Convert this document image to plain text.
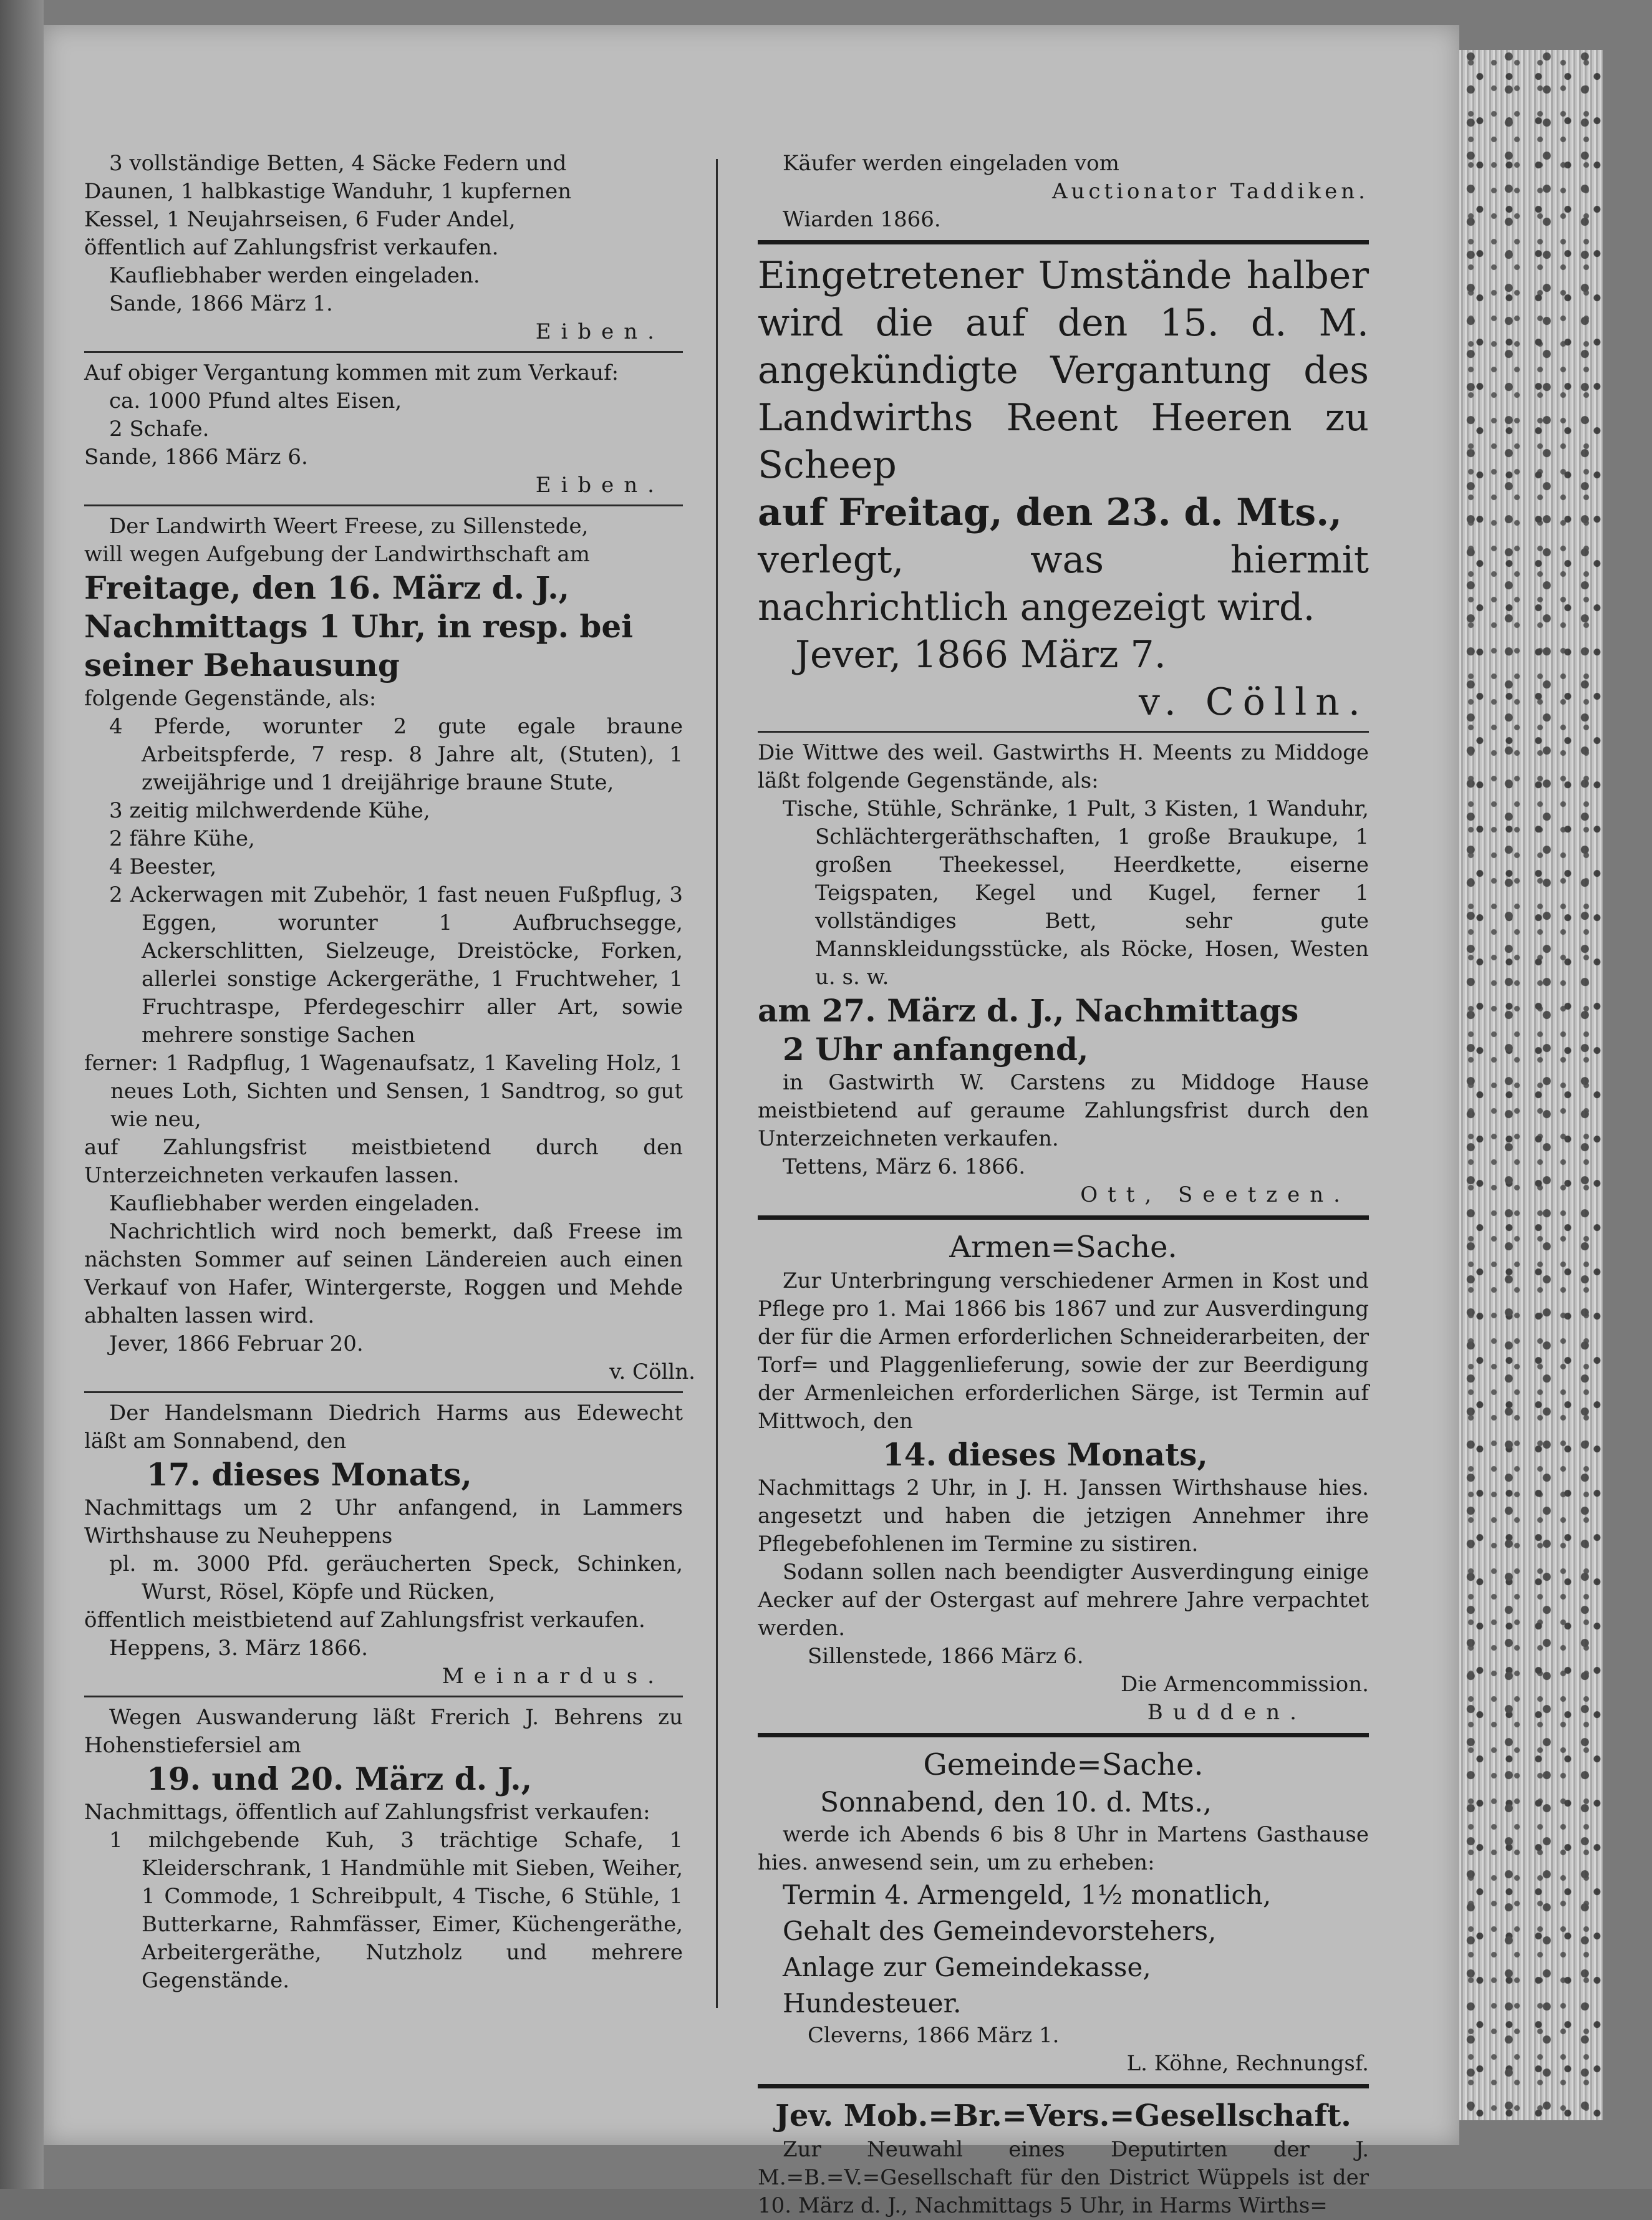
3 vollständige Betten, 4 Säcke Federn und

Daunen, 1 halbkastige Wanduhr, 1 kupfernen

Kessel, 1 Neujahrseisen, 6 Fuder Andel,

öffentlich auf Zahlungsfrist verkaufen.

Kaufliebhaber werden eingeladen.

Sande, 1866 März 1.

Eiben.

Auf obiger Vergantung kommen mit zum Verkauf:

ca. 1000 Pfund altes Eisen,

2 Schafe.

Sande, 1866 März 6.

Eiben.

Der Landwirth Weert Freese, zu Sillenstede,

will wegen Aufgebung der Landwirthschaft am

Freitage, den 16. März d. J.,

Nachmittags 1 Uhr, in resp. bei

seiner Behausung

folgende Gegenstände, als:

4 Pferde, worunter 2 gute egale braune Arbeitspferde, 7 resp. 8 Jahre alt, (Stuten), 1 zweijährige und 1 dreijährige braune Stute,

3 zeitig milchwerdende Kühe,

2 fähre Kühe,

4 Beester,

2 Ackerwagen mit Zubehör, 1 fast neuen Fußpflug, 3 Eggen, worunter 1 Aufbruchsegge, Ackerschlitten, Sielzeuge, Dreistöcke, Forken, allerlei sonstige Ackergeräthe, 1 Fruchtweher, 1 Fruchtraspe, Pferdegeschirr aller Art, sowie mehrere sonstige Sachen

ferner: 1 Radpflug, 1 Wagenaufsatz, 1 Kaveling Holz, 1 neues Loth, Sichten und Sensen, 1 Sandtrog, so gut wie neu,

auf Zahlungsfrist meistbietend durch den Unterzeichneten verkaufen lassen.

Kaufliebhaber werden eingeladen.

Nachrichtlich wird noch bemerkt, daß Freese im nächsten Sommer auf seinen Ländereien auch einen Verkauf von Hafer, Wintergerste, Roggen und Mehde abhalten lassen wird.

Jever, 1866 Februar 20.

v. Cölln.

Der Handelsmann Diedrich Harms aus Edewecht läßt am Sonnabend, den

17. dieses Monats,

Nachmittags um 2 Uhr anfangend, in Lammers Wirthshause zu Neuheppens

pl. m. 3000 Pfd. geräucherten Speck, Schinken, Wurst, Rösel, Köpfe und Rücken,

öffentlich meistbietend auf Zahlungsfrist verkaufen.

Heppens, 3. März 1866.

Meinardus.

Wegen Auswanderung läßt Frerich J. Behrens zu Hohenstiefersiel am

19. und 20. März d. J.,

Nachmittags, öffentlich auf Zahlungsfrist verkaufen:

1 milchgebende Kuh, 3 trächtige Schafe, 1 Kleiderschrank, 1 Handmühle mit Sieben, Weiher, 1 Commode, 1 Schreibpult, 4 Tische, 6 Stühle, 1 Butterkarne, Rahmfässer, Eimer, Küchengeräthe, Arbeitergeräthe, Nutzholz und mehrere Gegenstände.

Käufer werden eingeladen vom

Auctionator Taddiken.

Wiarden 1866.

Eingetretener Umstände halber wird die auf den 15. d. M. angekündigte Vergantung des Landwirths Reent Heeren zu Scheep

auf Freitag, den 23. d. Mts.,

verlegt, was hiermit nachrichtlich angezeigt wird.

Jever, 1866 März 7.

v. Cölln.

Die Wittwe des weil. Gastwirths H. Meents zu Middoge läßt folgende Gegenstände, als:

Tische, Stühle, Schränke, 1 Pult, 3 Kisten, 1 Wanduhr, Schlächtergeräthschaften, 1 große Braukupe, 1 großen Theekessel, Heerdkette, eiserne Teigspaten, Kegel und Kugel, ferner 1 vollständiges Bett, sehr gute Mannskleidungsstücke, als Röcke, Hosen, Westen u. s. w.

am 27. März d. J., Nachmittags

2 Uhr anfangend,

in Gastwirth W. Carstens zu Middoge Hause meistbietend auf geraume Zahlungsfrist durch den Unterzeichneten verkaufen.

Tettens, März 6. 1866.

Ott, Seetzen.

Armen=Sache.

Zur Unterbringung verschiedener Armen in Kost und Pflege pro 1. Mai 1866 bis 1867 und zur Ausverdingung der für die Armen erforderlichen Schneiderarbeiten, der Torf= und Plaggenlieferung, sowie der zur Beerdigung der Armenleichen erforderlichen Särge, ist Termin auf Mittwoch, den

14. dieses Monats,

Nachmittags 2 Uhr, in J. H. Janssen Wirthshause hies. angesetzt und haben die jetzigen Annehmer ihre Pflegebefohlenen im Termine zu sistiren.

Sodann sollen nach beendigter Ausverdingung einige Aecker auf der Ostergast auf mehrere Jahre verpachtet werden.

Sillenstede, 1866 März 6.

Die Armencommission.

Budden.

Gemeinde=Sache.

Sonnabend, den 10. d. Mts.,

werde ich Abends 6 bis 8 Uhr in Martens Gasthause hies. anwesend sein, um zu erheben:

Termin 4. Armengeld, 1½ monatlich,

Gehalt des Gemeindevorstehers,

Anlage zur Gemeindekasse,

Hundesteuer.

Cleverns, 1866 März 1.

L. Köhne, Rechnungsf.

Jev. Mob.=Br.=Vers.=Gesellschaft.

Zur Neuwahl eines Deputirten der J. M.=B.=V.=Gesellschaft für den District Wüppels ist der 10. März d. J., Nachmittags 5 Uhr, in Harms Wirths=
